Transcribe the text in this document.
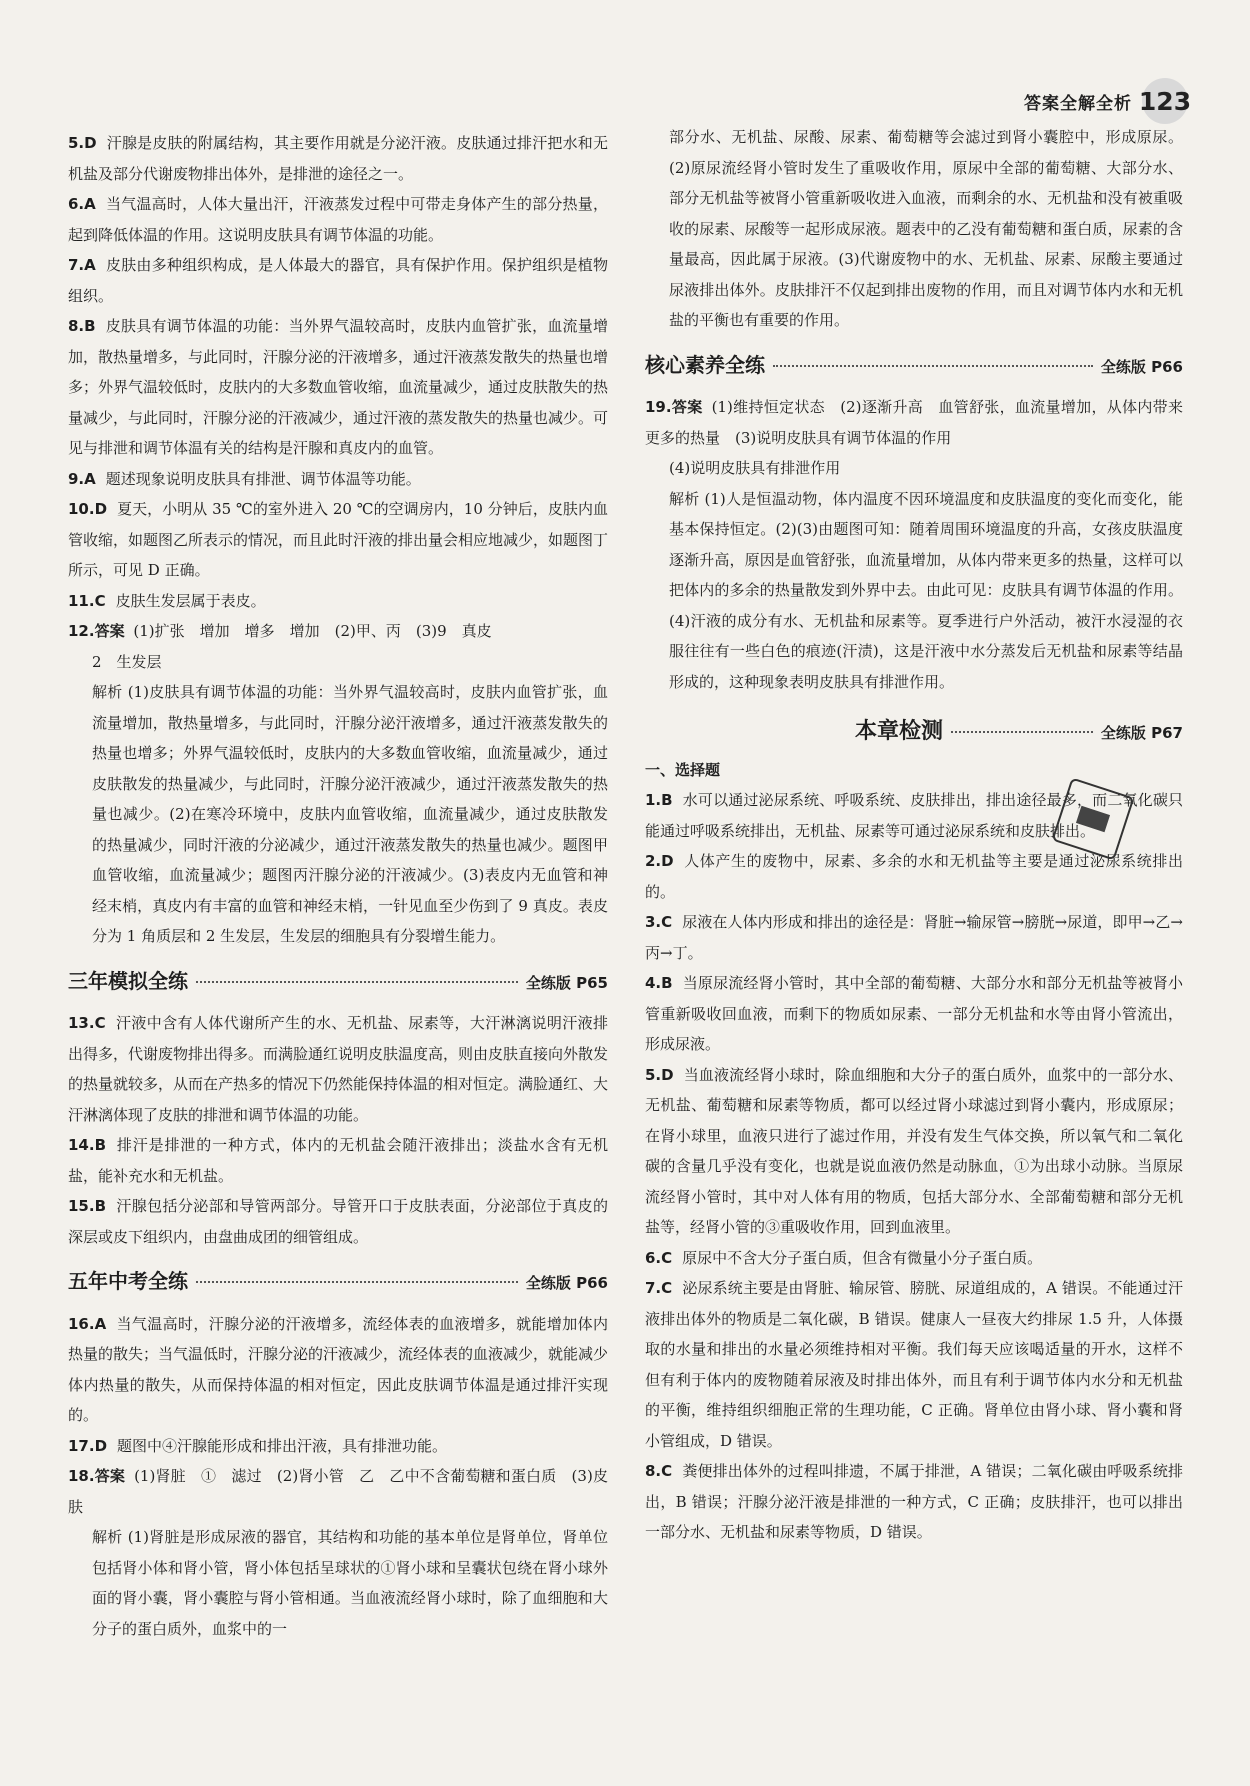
答案全解全析 123
5.D 汗腺是皮肤的附属结构，其主要作用就是分泌汗液。皮肤通过排汗把水和无机盐及部分代谢废物排出体外，是排泄的途径之一。
6.A 当气温高时，人体大量出汗，汗液蒸发过程中可带走身体产生的部分热量，起到降低体温的作用。这说明皮肤具有调节体温的功能。
7.A 皮肤由多种组织构成，是人体最大的器官，具有保护作用。保护组织是植物组织。
8.B 皮肤具有调节体温的功能：当外界气温较高时，皮肤内血管扩张，血流量增加，散热量增多，与此同时，汗腺分泌的汗液增多，通过汗液蒸发散失的热量也增多；外界气温较低时，皮肤内的大多数血管收缩，血流量减少，通过皮肤散失的热量减少，与此同时，汗腺分泌的汗液减少，通过汗液的蒸发散失的热量也减少。可见与排泄和调节体温有关的结构是汗腺和真皮内的血管。
9.A 题述现象说明皮肤具有排泄、调节体温等功能。
10.D 夏天，小明从 35 ℃的室外进入 20 ℃的空调房内，10 分钟后，皮肤内血管收缩，如题图乙所表示的情况，而且此时汗液的排出量会相应地减少，如题图丁所示，可见 D 正确。
11.C 皮肤生发层属于表皮。
12.答案 (1)扩张　增加　增多　增加　(2)甲、丙　(3)9　真皮
2　生发层
解析 (1)皮肤具有调节体温的功能：当外界气温较高时，皮肤内血管扩张，血流量增加，散热量增多，与此同时，汗腺分泌汗液增多，通过汗液蒸发散失的热量也增多；外界气温较低时，皮肤内的大多数血管收缩，血流量减少，通过皮肤散发的热量减少，与此同时，汗腺分泌汗液减少，通过汗液蒸发散失的热量也减少。(2)在寒冷环境中，皮肤内血管收缩，血流量减少，通过皮肤散发的热量减少，同时汗液的分泌减少，通过汗液蒸发散失的热量也减少。题图甲血管收缩，血流量减少；题图丙汗腺分泌的汗液减少。(3)表皮内无血管和神经末梢，真皮内有丰富的血管和神经末梢，一针见血至少伤到了 9 真皮。表皮分为 1 角质层和 2 生发层，生发层的细胞具有分裂增生能力。
三年模拟全练	全练版 P65
13.C 汗液中含有人体代谢所产生的水、无机盐、尿素等，大汗淋漓说明汗液排出得多，代谢废物排出得多。而满脸通红说明皮肤温度高，则由皮肤直接向外散发的热量就较多，从而在产热多的情况下仍然能保持体温的相对恒定。满脸通红、大汗淋漓体现了皮肤的排泄和调节体温的功能。
14.B 排汗是排泄的一种方式，体内的无机盐会随汗液排出；淡盐水含有无机盐，能补充水和无机盐。
15.B 汗腺包括分泌部和导管两部分。导管开口于皮肤表面，分泌部位于真皮的深层或皮下组织内，由盘曲成团的细管组成。
五年中考全练	全练版 P66
16.A 当气温高时，汗腺分泌的汗液增多，流经体表的血液增多，就能增加体内热量的散失；当气温低时，汗腺分泌的汗液减少，流经体表的血液减少，就能减少体内热量的散失，从而保持体温的相对恒定，因此皮肤调节体温是通过排汗实现的。
17.D 题图中④汗腺能形成和排出汗液，具有排泄功能。
18.答案 (1)肾脏　①　滤过　(2)肾小管　乙　乙中不含葡萄糖和蛋白质　(3)皮肤
解析 (1)肾脏是形成尿液的器官，其结构和功能的基本单位是肾单位，肾单位包括肾小体和肾小管，肾小体包括呈球状的①肾小球和呈囊状包绕在肾小球外面的肾小囊，肾小囊腔与肾小管相通。当血液流经肾小球时，除了血细胞和大分子的蛋白质外，血浆中的一
部分水、无机盐、尿酸、尿素、葡萄糖等会滤过到肾小囊腔中，形成原尿。(2)原尿流经肾小管时发生了重吸收作用，原尿中全部的葡萄糖、大部分水、部分无机盐等被肾小管重新吸收进入血液，而剩余的水、无机盐和没有被重吸收的尿素、尿酸等一起形成尿液。题表中的乙没有葡萄糖和蛋白质，尿素的含量最高，因此属于尿液。(3)代谢废物中的水、无机盐、尿素、尿酸主要通过尿液排出体外。皮肤排汗不仅起到排出废物的作用，而且对调节体内水和无机盐的平衡也有重要的作用。
核心素养全练	全练版 P66
19.答案 (1)维持恒定状态　(2)逐渐升高　血管舒张，血流量增加，从体内带来更多的热量　(3)说明皮肤具有调节体温的作用
(4)说明皮肤具有排泄作用
解析 (1)人是恒温动物，体内温度不因环境温度和皮肤温度的变化而变化，能基本保持恒定。(2)(3)由题图可知：随着周围环境温度的升高，女孩皮肤温度逐渐升高，原因是血管舒张，血流量增加，从体内带来更多的热量，这样可以把体内的多余的热量散发到外界中去。由此可见：皮肤具有调节体温的作用。(4)汗液的成分有水、无机盐和尿素等。夏季进行户外活动，被汗水浸湿的衣服往往有一些白色的痕迹(汗渍)，这是汗液中水分蒸发后无机盐和尿素等结晶形成的，这种现象表明皮肤具有排泄作用。
本章检测	全练版 P67
一、选择题
1.B 水可以通过泌尿系统、呼吸系统、皮肤排出，排出途径最多，而二氧化碳只能通过呼吸系统排出，无机盐、尿素等可通过泌尿系统和皮肤排出。
2.D 人体产生的废物中，尿素、多余的水和无机盐等主要是通过泌尿系统排出的。
3.C 尿液在人体内形成和排出的途径是：肾脏→输尿管→膀胱→尿道，即甲→乙→丙→丁。
4.B 当原尿流经肾小管时，其中全部的葡萄糖、大部分水和部分无机盐等被肾小管重新吸收回血液，而剩下的物质如尿素、一部分无机盐和水等由肾小管流出，形成尿液。
5.D 当血液流经肾小球时，除血细胞和大分子的蛋白质外，血浆中的一部分水、无机盐、葡萄糖和尿素等物质，都可以经过肾小球滤过到肾小囊内，形成原尿；在肾小球里，血液只进行了滤过作用，并没有发生气体交换，所以氧气和二氧化碳的含量几乎没有变化，也就是说血液仍然是动脉血，①为出球小动脉。当原尿流经肾小管时，其中对人体有用的物质，包括大部分水、全部葡萄糖和部分无机盐等，经肾小管的③重吸收作用，回到血液里。
6.C 原尿中不含大分子蛋白质，但含有微量小分子蛋白质。
7.C 泌尿系统主要是由肾脏、输尿管、膀胱、尿道组成的，A 错误。不能通过汗液排出体外的物质是二氧化碳，B 错误。健康人一昼夜大约排尿 1.5 升，人体摄取的水量和排出的水量必须维持相对平衡。我们每天应该喝适量的开水，这样不但有利于体内的废物随着尿液及时排出体外，而且有利于调节体内水分和无机盐的平衡，维持组织细胞正常的生理功能，C 正确。肾单位由肾小球、肾小囊和肾小管组成，D 错误。
8.C 粪便排出体外的过程叫排遗，不属于排泄，A 错误；二氧化碳由呼吸系统排出，B 错误；汗腺分泌汗液是排泄的一种方式，C 正确；皮肤排汗，也可以排出一部分水、无机盐和尿素等物质，D 错误。
